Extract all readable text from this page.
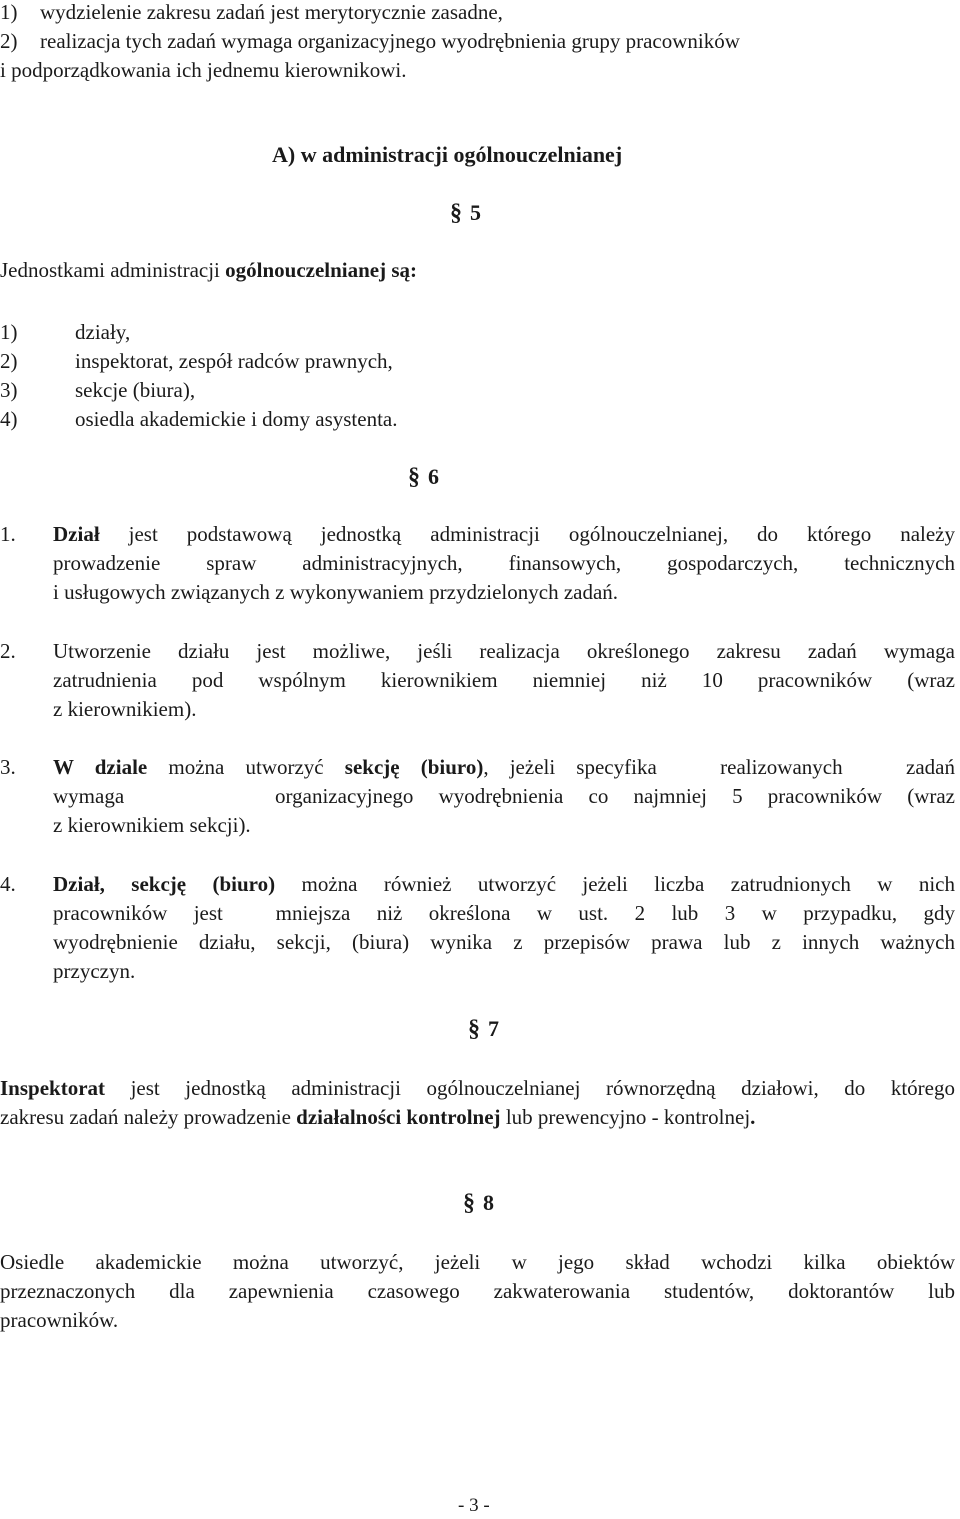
1) wydzielenie zakresu zadań jest merytorycznie zasadne,
2) realizacja tych zadań wymaga organizacyjnego wyodrębnienia grupy pracowników
i podporządkowania ich jednemu kierownikowi.
A) w administracji ogólnouczelnianej
§ 5
Jednostkami administracji ogólnouczelnianej są:
1)	działy,
2)	inspektorat, zespół radców prawnych,
3)	sekcje (biura),
4)	osiedla akademickie i domy asystenta.
§ 6
1. Dział jest podstawową jednostką administracji ogólnouczelnianej, do którego należy
prowadzenie spraw administracyjnych, finansowych, gospodarczych, technicznych
i usługowych związanych z wykonywaniem przydzielonych zadań.
2. Utworzenie działu jest możliwe, jeśli realizacja określonego zakresu zadań wymaga
zatrudnienia pod wspólnym kierownikiem niemniej niż 10 pracowników (wraz
z kierownikiem).
3. W dziale można utworzyć sekcję (biuro), jeżeli specyfika   realizowanych   zadań
wymaga      organizacyjnego wyodrębnienia co najmniej 5 pracowników (wraz
z kierownikiem sekcji).
4. Dział, sekcję (biuro) można również utworzyć jeżeli liczba zatrudnionych w nich
pracowników jest  mniejsza niż określona w ust. 2 lub 3 w przypadku, gdy
wyodrębnienie działu, sekcji, (biura) wynika z przepisów prawa lub z innych ważnych
przyczyn.
§ 7
Inspektorat jest jednostką administracji ogólnouczelnianej równorzędną działowi, do którego
zakresu zadań należy prowadzenie działalności kontrolnej lub prewencyjno - kontrolnej.
§ 8
Osiedle akademickie można utworzyć, jeżeli w jego skład wchodzi kilka obiektów
przeznaczonych dla zapewnienia czasowego zakwaterowania studentów, doktorantów lub
pracowników.
- 3 -
